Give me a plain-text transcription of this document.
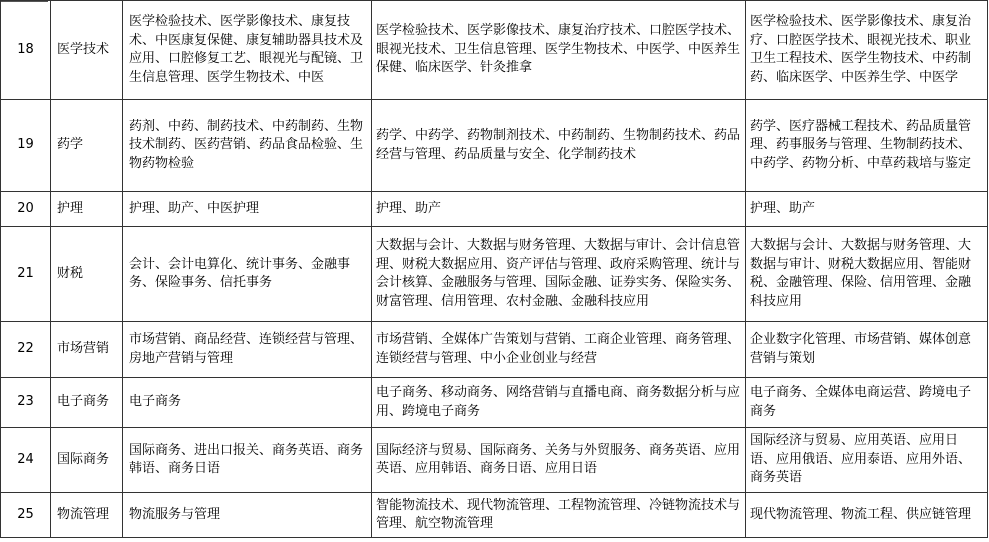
18	医学技术	医学检验技术、医学影像技术、康复技术、中医康复保健、康复辅助器具技术及应用、口腔修复工艺、眼视光与配镜、卫生信息管理、医学生物技术、中医	医学检验技术、医学影像技术、康复治疗技术、口腔医学技术、眼视光技术、卫生信息管理、医学生物技术、中医学、中医养生保健、临床医学、针灸推拿	医学检验技术、医学影像技术、康复治疗、口腔医学技术、眼视光技术、职业卫生工程技术、医学生物技术、中药制药、临床医学、中医养生学、中医学
19	药学	药剂、中药、制药技术、中药制药、生物技术制药、医药营销、药品食品检验、生物药物检验	药学、中药学、药物制剂技术、中药制药、生物制药技术、药品经营与管理、药品质量与安全、化学制药技术	药学、医疗器械工程技术、药品质量管理、药事服务与管理、生物制药技术、中药学、药物分析、中草药栽培与鉴定
20	护理	护理、助产、中医护理	护理、助产	护理、助产
21	财税	会计、会计电算化、统计事务、金融事务、保险事务、信托事务	大数据与会计、大数据与财务管理、大数据与审计、会计信息管理、财税大数据应用、资产评估与管理、政府采购管理、统计与会计核算、金融服务与管理、国际金融、证券实务、保险实务、财富管理、信用管理、农村金融、金融科技应用	大数据与会计、大数据与财务管理、大数据与审计、财税大数据应用、智能财税、金融管理、保险、信用管理、金融科技应用
22	市场营销	市场营销、商品经营、连锁经营与管理、房地产营销与管理	市场营销、全媒体广告策划与营销、工商企业管理、商务管理、连锁经营与管理、中小企业创业与经营	企业数字化管理、市场营销、媒体创意营销与策划
23	电子商务	电子商务	电子商务、移动商务、网络营销与直播电商、商务数据分析与应用、跨境电子商务	电子商务、全媒体电商运营、跨境电子商务
24	国际商务	国际商务、进出口报关、商务英语、商务韩语、商务日语	国际经济与贸易、国际商务、关务与外贸服务、商务英语、应用英语、应用韩语、商务日语、应用日语	国际经济与贸易、应用英语、应用日语、应用俄语、应用泰语、应用外语、商务英语
25	物流管理	物流服务与管理	智能物流技术、现代物流管理、工程物流管理、冷链物流技术与管理、航空物流管理	现代物流管理、物流工程、供应链管理
